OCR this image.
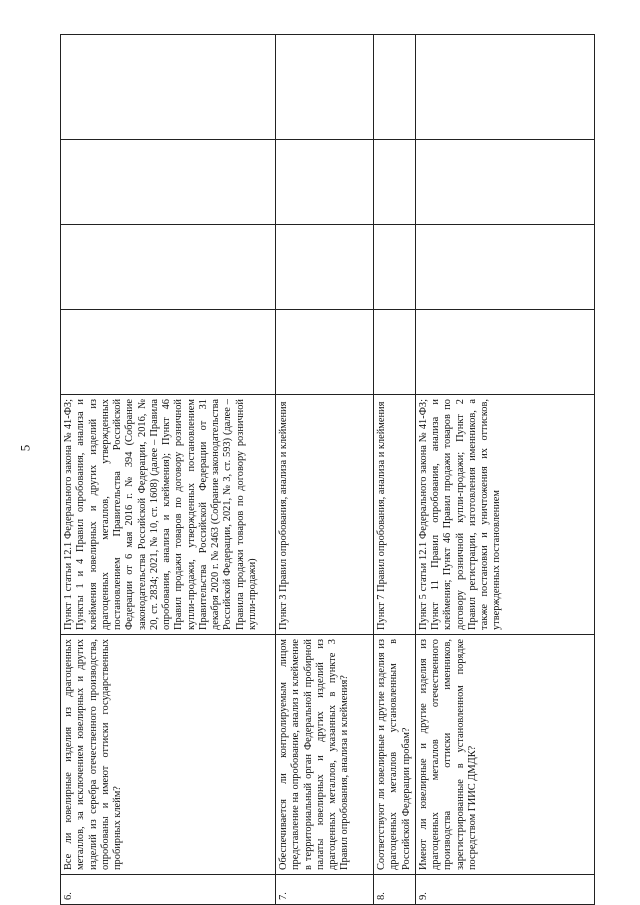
5
6.	Все ли ювелирные изделия из драгоценных металлов, за исключением ювелирных и других изделий из серебра отечественного производства, опробованы и имеют оттиски государственных пробирных клейм?	Пункт 1 статьи 12.1 Федерального закона № 41-ФЗ; Пункты 1 и 4 Правил опробования, анализа и клеймения ювелирных и других изделий из драгоценных металлов, утвержденных постановлением Правительства Российской Федерации от 6 мая 2016 г. № 394 (Собрание законодательства Российской Федерации, 2016, № 20, ст. 2834; 2021, № 10, ст. 1608) (далее – Правила опробования, анализа и клеймения); Пункт 46 Правил продажи товаров по договору розничной купли-продажи, утвержденных постановлением Правительства Российской Федерации от 31 декабря 2020 г. № 2463 (Собрание законодательства Российской Федерации, 2021, № 3, ст. 593) (далее – Правила продажи товаров по договору розничной купли-продажи)				
7.	Обеспечивается ли контролируемым лицом представление на опробование, анализ и клеймение в территориальный орган Федеральной пробирной палаты ювелирных и других изделий из драгоценных металлов, указанных в пункте 3 Правил опробования, анализа и клеймения?	Пункт 3 Правил опробования, анализа и клеймения				
8.	Соответствуют ли ювелирные и другие изделия из драгоценных металлов установленным в Российской Федерации пробам?	Пункт 7 Правил опробования, анализа и клеймения				
9.	Имеют ли ювелирные и другие изделия из драгоценных металлов отечественного производства оттиски именников, зарегистрированные в установленном порядке посредством ГИИС ДМДК?	Пункт 5 статьи 12.1 Федерального закона № 41-ФЗ; Пункт 11 Правил опробования, анализа и клеймения; Пункт 46 Правил продажи товаров по договору розничной купли-продажи; Пункт 2 Правил регистрации, изготовления именников, а также постановки и уничтожения их оттисков, утвержденных постановлением				
